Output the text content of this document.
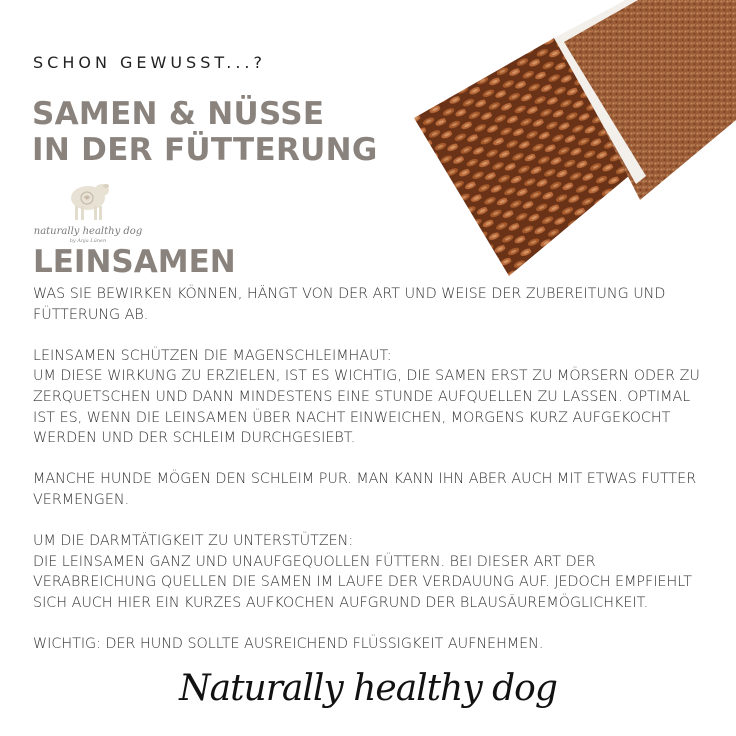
SCHON GEWUSST...?
SAMEN & NÜSSE
IN DER FÜTTERUNG
naturally healthy dog
by Anja Lünen
LEINSAMEN

WAS SIE BEWIRKEN KÖNNEN, HÄNGT VON DER ART UND WEISE DER ZUBEREITUNG UND FÜTTERUNG AB.

LEINSAMEN SCHÜTZEN DIE MAGENSCHLEIMHAUT:

UM DIESE WIRKUNG ZU ERZIELEN, IST ES WICHTIG, DIE SAMEN ERST ZU MÖRSERN ODER ZU ZERQUETSCHEN UND DANN MINDESTENS EINE STUNDE AUFQUELLEN ZU LASSEN. OPTIMAL IST ES, WENN DIE LEINSAMEN ÜBER NACHT EINWEICHEN, MORGENS KURZ AUFGEKOCHT WERDEN UND DER SCHLEIM DURCHGESIEBT.

MANCHE HUNDE MÖGEN DEN SCHLEIM PUR. MAN KANN IHN ABER AUCH MIT ETWAS FUTTER VERMENGEN.

UM DIE DARMTÄTIGKEIT ZU UNTERSTÜTZEN:

DIE LEINSAMEN GANZ UND UNAUFGEQUOLLEN FÜTTERN. BEI DIESER ART DER VERABREICHUNG QUELLEN DIE SAMEN IM LAUFE DER VERDAUUNG AUF. JEDOCH EMPFIEHLT SICH AUCH HIER EIN KURZES AUFKOCHEN AUFGRUND DER BLAUSÄUREMÖGLICHKEIT.

WICHTIG: DER HUND SOLLTE AUSREICHEND FLÜSSIGKEIT AUFNEHMEN.

Naturally healthy dog
